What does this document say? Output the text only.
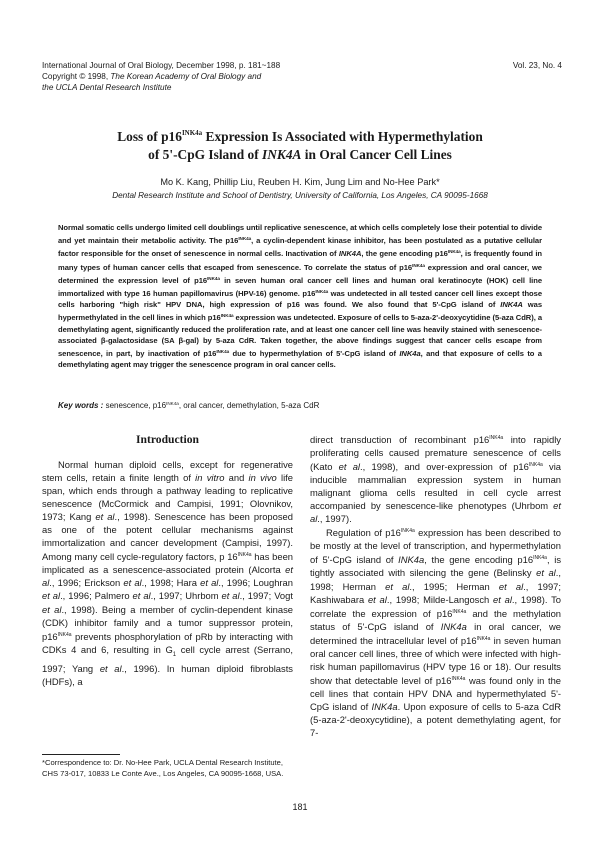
International Journal of Oral Biology, December 1998, p. 181~188
Copyright © 1998, The Korean Academy of Oral Biology and
the UCLA Dental Research Institute
Vol. 23, No. 4
Loss of $p16^{INK4a}$ Expression Is Associated with Hypermethylation
of 5'-CpG Island of INK4A in Oral Cancer Cell Lines
Mo K. Kang, Phillip Liu, Reuben H. Kim, Jung Lim and No-Hee Park*
Dental Research Institute and School of Dentistry, University of California, Los Angeles, CA 90095-1668

Normal somatic cells undergo limited cell doublings until replicative senescence, at which cells completely lose their potential to divide and yet maintain their metabolic activity. The $p16^{INK4a}$, a cyclin-dependent kinase inhibitor, has been postulated as a putative cellular factor responsible for the onset of senescence in normal cells. Inactivation of INK4A, the gene encoding $p16^{INK4a}$, is frequently found in many types of human cancer cells that escaped from senescence. To correlate the status of $p16^{INK4a}$ expression and oral cancer, we determined the expression level of $p16^{INK4a}$ in seven human oral cancer cell lines and human oral keratinocyte (HOK) cell line immortalized with type 16 human papillomavirus (HPV-16) genome. $p16^{INK4a}$ was undetected in all tested cancer cell lines except those cells harboring "high risk" HPV DNA, high expression of p16 was found. We also found that 5'-CpG island of INK4A was hypermethylated in the cell lines in which $p16^{INK4a}$ expression was undetected. Exposure of cells to 5-aza-2'-deoxycytidine (5-aza CdR), a demethylating agent, significantly reduced the proliferation rate, and at least one cancer cell line was heavily stained with senescence-associated β-galactosidase (SA β-gal) by 5-aza CdR. Taken together, the above findings suggest that cancer cells escape from senescence, in part, by inactivation of $p16^{INK4a}$ due to hypermethylation of 5'-CpG island of INK4a, and that exposure of cells to a demethylating agent may trigger the senescence program in oral cancer cells.

Key words : senescence, $p16^{INK4a}$, oral cancer, demethylation, 5-aza CdR
Introduction

Normal human diploid cells, except for regenerative stem cells, retain a finite length of in vitro and in vivo life span, which ends through a pathway leading to replicative senescence (McCormick and Campisi, 1991; Olovnikov, 1973; Kang et al., 1998). Senescence has been proposed as one of the potent cellular mechanisms against immortalization and cancer development (Campisi, 1997). Among many cell cycle-regulatory factors, p $16^{INK4a}$ has been implicated as a senescence-associated protein (Alcorta et al., 1996; Erickson et al., 1998; Hara et al., 1996; Loughran et al., 1996; Palmero et al., 1997; Uhrbom et al., 1997; Vogt et al., 1998). Being a member of cyclin-dependent kinase (CDK) inhibitor family and a tumor suppressor protein, $p16^{INK4a}$ prevents phosphorylation of pRb by interacting with CDKs 4 and 6, resulting in $G_1$ cell cycle arrest (Serrano, 1997; Yang et al., 1996). In human diploid fibroblasts (HDFs), a

direct transduction of recombinant $p16^{INK4a}$ into rapidly proliferating cells caused premature senescence of cells (Kato et al., 1998), and over-expression of $p16^{INK4a}$ via inducible mammalian expression system in human malignant glioma cells resulted in cell cycle arrest accompanied by senescence-like phenotypes (Uhrbom et al., 1997).

Regulation of $p16^{INK4a}$ expression has been described to be mostly at the level of transcription, and hypermethylation of 5'-CpG island of INK4a, the gene encoding $p16^{INK4a}$, is tightly associated with silencing the gene (Belinsky et al., 1998; Herman et al., 1995; Herman et al., 1997; Kashiwabara et al., 1998; Milde-Langosch et al., 1998). To correlate the expression of $p16^{INK4a}$ and the methylation status of 5'-CpG island of INK4a in oral cancer, we determined the intracellular level of $p16^{INK4a}$ in seven human oral cancer cell lines, three of which were infected with high-risk human papillomavirus (HPV type 16 or 18). Our results show that detectable level of $p16^{INK4a}$ was found only in the cell lines that contain HPV DNA and hypermethylated 5'-CpG island of INK4a. Upon exposure of cells to 5-aza CdR (5-aza-2'-deoxycytidine), a potent demethylating agent, for 7-

*Correspondence to: Dr. No-Hee Park, UCLA Dental Research Institute, CHS 73-017, 10833 Le Conte Ave., Los Angeles, CA 90095-1668, USA.
181
